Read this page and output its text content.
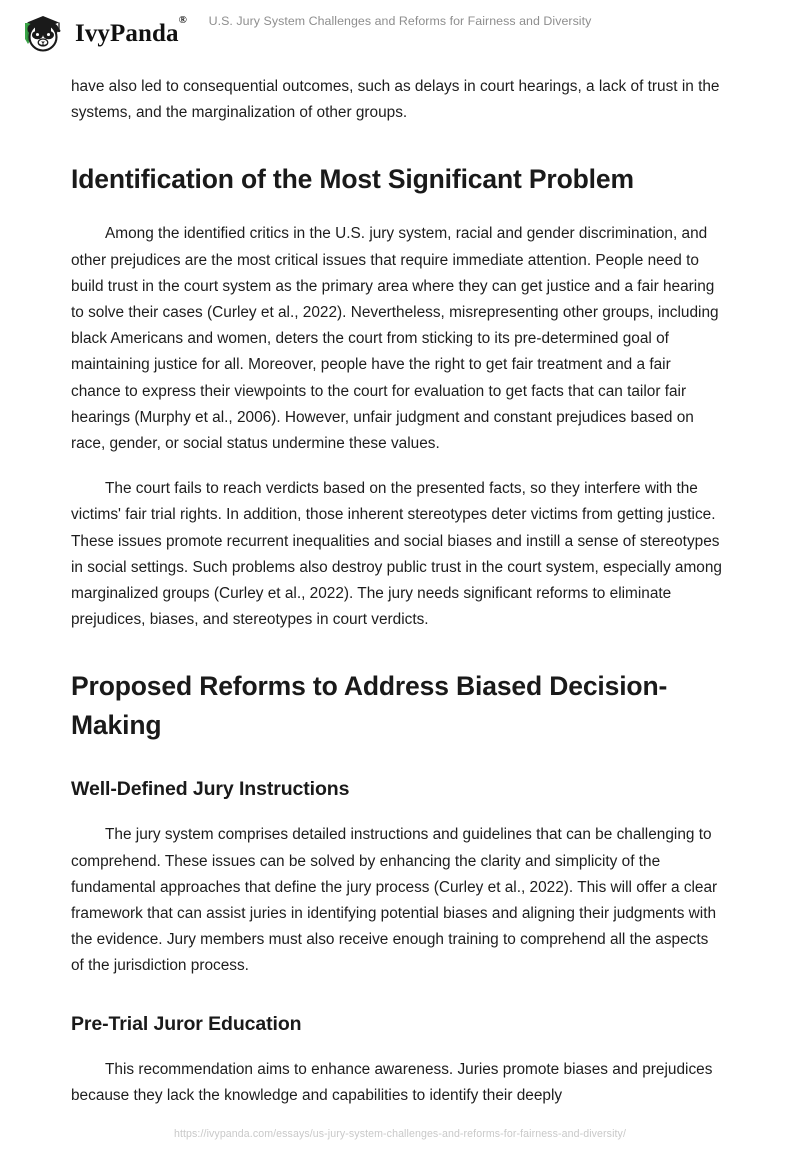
IvyPanda®	U.S. Jury System Challenges and Reforms for Fairness and Diversity

have also led to consequential outcomes, such as delays in court hearings, a lack of trust in the systems, and the marginalization of other groups.

Identification of the Most Significant Problem

Among the identified critics in the U.S. jury system, racial and gender discrimination, and other prejudices are the most critical issues that require immediate attention. People need to build trust in the court system as the primary area where they can get justice and a fair hearing to solve their cases (Curley et al., 2022). Nevertheless, misrepresenting other groups, including black Americans and women, deters the court from sticking to its pre-determined goal of maintaining justice for all. Moreover, people have the right to get fair treatment and a fair chance to express their viewpoints to the court for evaluation to get facts that can tailor fair hearings (Murphy et al., 2006). However, unfair judgment and constant prejudices based on race, gender, or social status undermine these values.

The court fails to reach verdicts based on the presented facts, so they interfere with the victims' fair trial rights. In addition, those inherent stereotypes deter victims from getting justice. These issues promote recurrent inequalities and social biases and instill a sense of stereotypes in social settings. Such problems also destroy public trust in the court system, especially among marginalized groups (Curley et al., 2022). The jury needs significant reforms to eliminate prejudices, biases, and stereotypes in court verdicts.

Proposed Reforms to Address Biased Decision-Making
Well-Defined Jury Instructions

The jury system comprises detailed instructions and guidelines that can be challenging to comprehend. These issues can be solved by enhancing the clarity and simplicity of the fundamental approaches that define the jury process (Curley et al., 2022). This will offer a clear framework that can assist juries in identifying potential biases and aligning their judgments with the evidence. Jury members must also receive enough training to comprehend all the aspects of the jurisdiction process.

Pre-Trial Juror Education

This recommendation aims to enhance awareness. Juries promote biases and prejudices because they lack the knowledge and capabilities to identify their deeply

https://ivypanda.com/essays/us-jury-system-challenges-and-reforms-for-fairness-and-diversity/
